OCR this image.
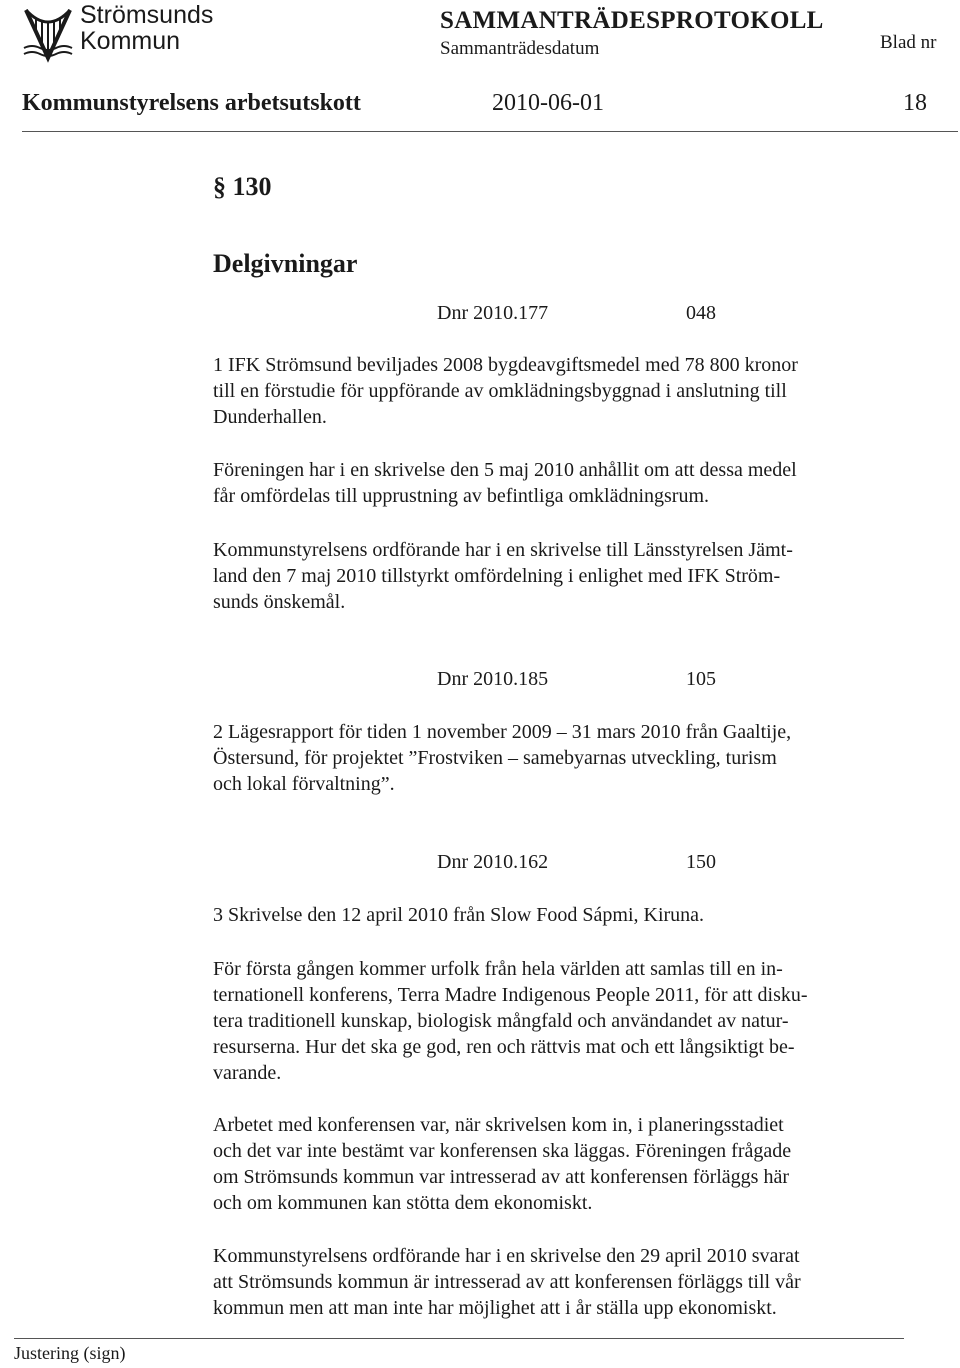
Strömsunds
Kommun
SAMMANTRÄDESPROTOKOLL
Sammanträdesdatum	Blad nr
Kommunstyrelsens arbetsutskott	2010-06-01	18
§ 130
Delgivningar
Dnr 2010.177	048

1 IFK Strömsund beviljades 2008 bygdeavgiftsmedel med 78 800 kronor
till en förstudie för uppförande av omklädningsbyggnad i anslutning till
Dunderhallen.

Föreningen har i en skrivelse den 5 maj 2010 anhållit om att dessa medel
får omfördelas till upprustning av befintliga omklädningsrum.

Kommunstyrelsens ordförande har i en skrivelse till Länsstyrelsen Jämt-
land den 7 maj 2010 tillstyrkt omfördelning i enlighet med IFK Ström-
sunds önskemål.

Dnr 2010.185	105

2 Lägesrapport för tiden 1 november 2009 – 31 mars 2010 från Gaaltije,
Östersund, för projektet ”Frostviken – samebyarnas utveckling, turism
och lokal förvaltning”.

Dnr 2010.162	150

3 Skrivelse den 12 april 2010 från Slow Food Sápmi, Kiruna.

För första gången kommer urfolk från hela världen att samlas till en in-
ternationell konferens, Terra Madre Indigenous People 2011, för att disku-
tera traditionell kunskap, biologisk mångfald och användandet av natur-
resurserna. Hur det ska ge god, ren och rättvis mat och ett långsiktigt be-
varande.

Arbetet med konferensen var, när skrivelsen kom in, i planeringsstadiet
och det var inte bestämt var konferensen ska läggas. Föreningen frågade
om Strömsunds kommun var intresserad av att konferensen förläggs här
och om kommunen kan stötta dem ekonomiskt.

Kommunstyrelsens ordförande har i en skrivelse den 29 april 2010 svarat
att Strömsunds kommun är intresserad av att konferensen förläggs till vår
kommun men att man inte har möjlighet att i år ställa upp ekonomiskt.

Justering (sign)
